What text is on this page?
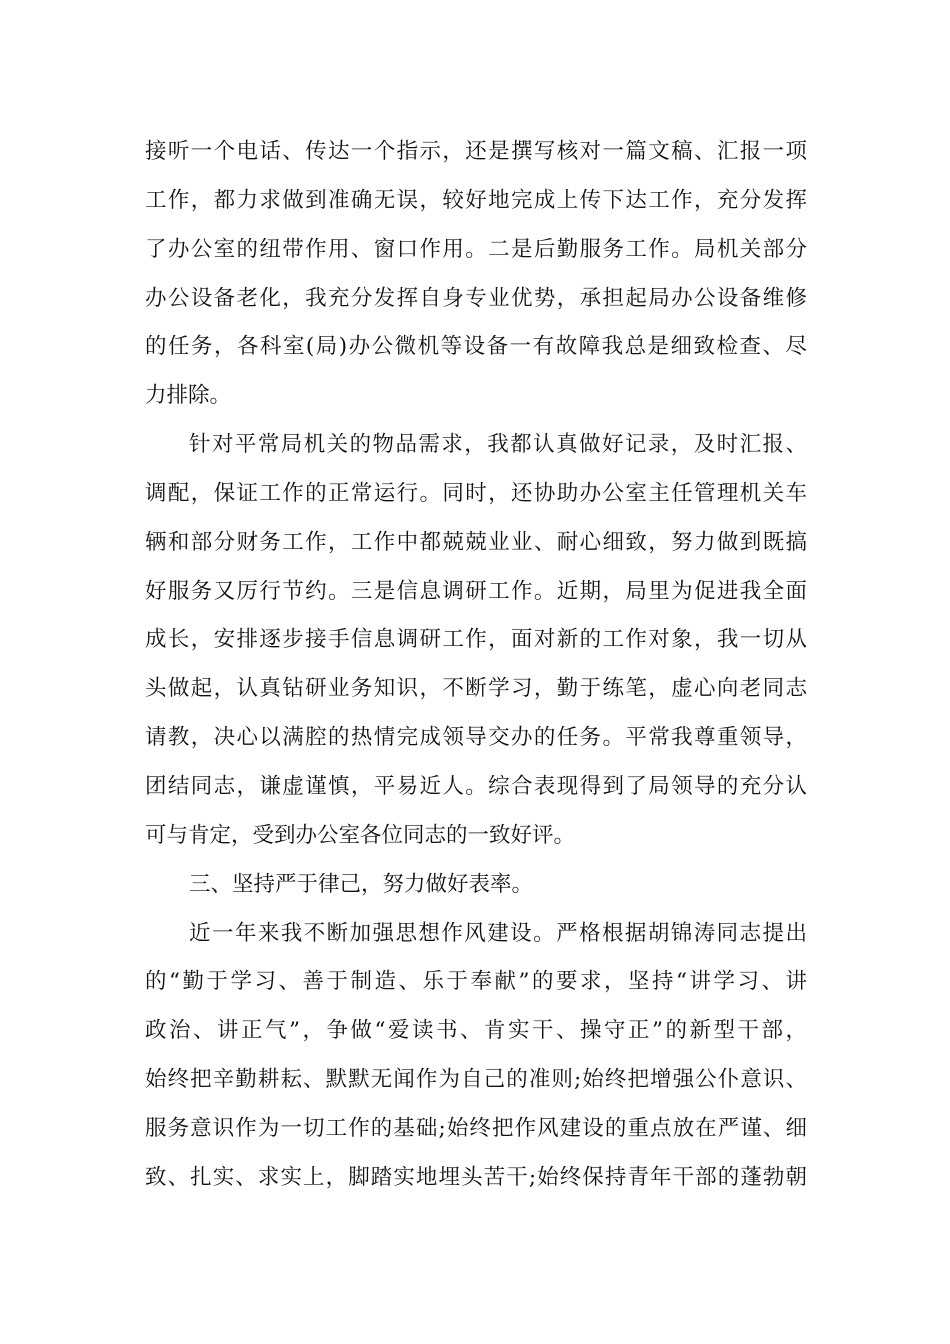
接听一个电话、传达一个指示，还是撰写核对一篇文稿、汇报一项
工作，都力求做到准确无误，较好地完成上传下达工作，充分发挥
了办公室的纽带作用、窗口作用。二是后勤服务工作。局机关部分
办公设备老化，我充分发挥自身专业优势，承担起局办公设备维修
的任务，各科室(局)办公微机等设备一有故障我总是细致检查、尽
力排除。
针对平常局机关的物品需求，我都认真做好记录，及时汇报、
调配，保证工作的正常运行。同时，还协助办公室主任管理机关车
辆和部分财务工作，工作中都兢兢业业、耐心细致，努力做到既搞
好服务又厉行节约。三是信息调研工作。近期，局里为促进我全面
成长，安排逐步接手信息调研工作，面对新的工作对象，我一切从
头做起，认真钻研业务知识，不断学习，勤于练笔，虚心向老同志
请教，决心以满腔的热情完成领导交办的任务。平常我尊重领导，
团结同志，谦虚谨慎，平易近人。综合表现得到了局领导的充分认
可与肯定，受到办公室各位同志的一致好评。
三、坚持严于律己，努力做好表率。
近一年来我不断加强思想作风建设。严格根据胡锦涛同志提出
的“勤于学习、善于制造、乐于奉献”的要求，坚持“讲学习、讲
政治、讲正气”，争做“爱读书、肯实干、操守正”的新型干部，
始终把辛勤耕耘、默默无闻作为自己的准则;始终把增强公仆意识、
服务意识作为一切工作的基础;始终把作风建设的重点放在严谨、细
致、扎实、求实上，脚踏实地埋头苦干;始终保持青年干部的蓬勃朝
